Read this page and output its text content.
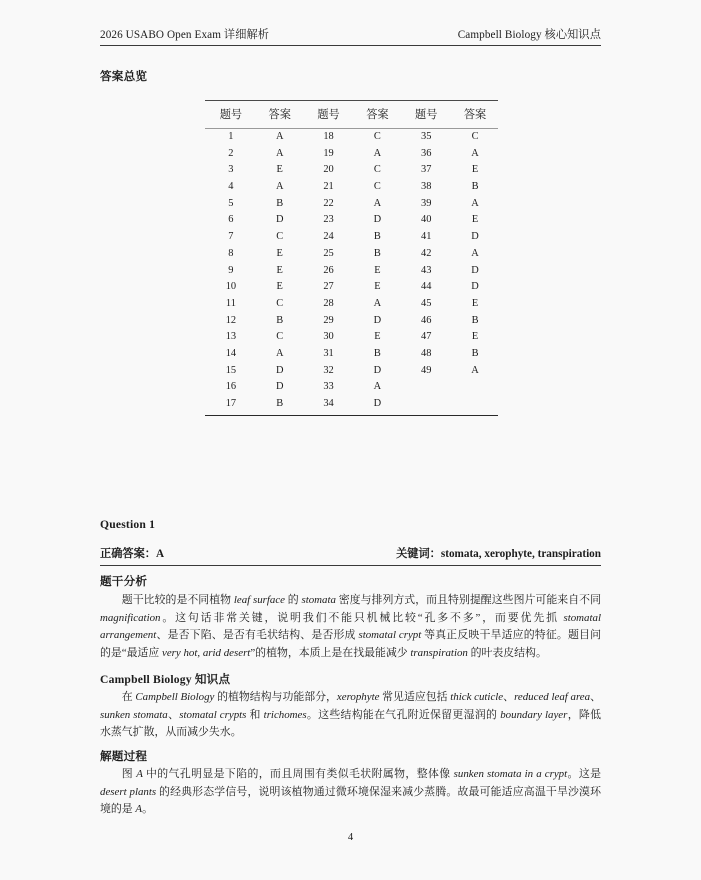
2026 USABO Open Exam 详细解析	Campbell Biology 核心知识点
答案总览
题号	答案	题号	答案	题号	答案
1	A	18	C	35	C
2	A	19	A	36	A
3	E	20	C	37	E
4	A	21	C	38	B
5	B	22	A	39	A
6	D	23	D	40	E
7	C	24	B	41	D
8	E	25	B	42	A
9	E	26	E	43	D
10	E	27	E	44	D
11	C	28	A	45	E
12	B	29	D	46	B
13	C	30	E	47	E
14	A	31	B	48	B
15	D	32	D	49	A
16	D	33	A		
17	B	34	D		
Question 1
正确答案：A	关键词：stomata, xerophyte, transpiration
题干分析
题干比较的是不同植物 leaf surface 的 stomata 密度与排列方式，而且特别提醒这些图片可能来自不同 magnification。这句话非常关键，说明我们不能只机械比较“孔多不多”，而要优先抓 stomatal arrangement、是否下陷、是否有毛状结构、是否形成 stomatal crypt 等真正反映干旱适应的特征。题目问的是“最适应 very hot, arid desert”的植物，本质上是在找最能减少 transpiration 的叶表皮结构。
Campbell Biology 知识点
在 Campbell Biology 的植物结构与功能部分，xerophyte 常见适应包括 thick cuticle、reduced leaf area、sunken stomata、stomatal crypts 和 trichomes。这些结构能在气孔附近保留更湿润的 boundary layer，降低水蒸气扩散，从而减少失水。
解题过程
图 A 中的气孔明显是下陷的，而且周围有类似毛状附属物，整体像 sunken stomata in a crypt。这是 desert plants 的经典形态学信号，说明该植物通过微环境保湿来减少蒸腾。故最可能适应高温干旱沙漠环境的是 A。
4
